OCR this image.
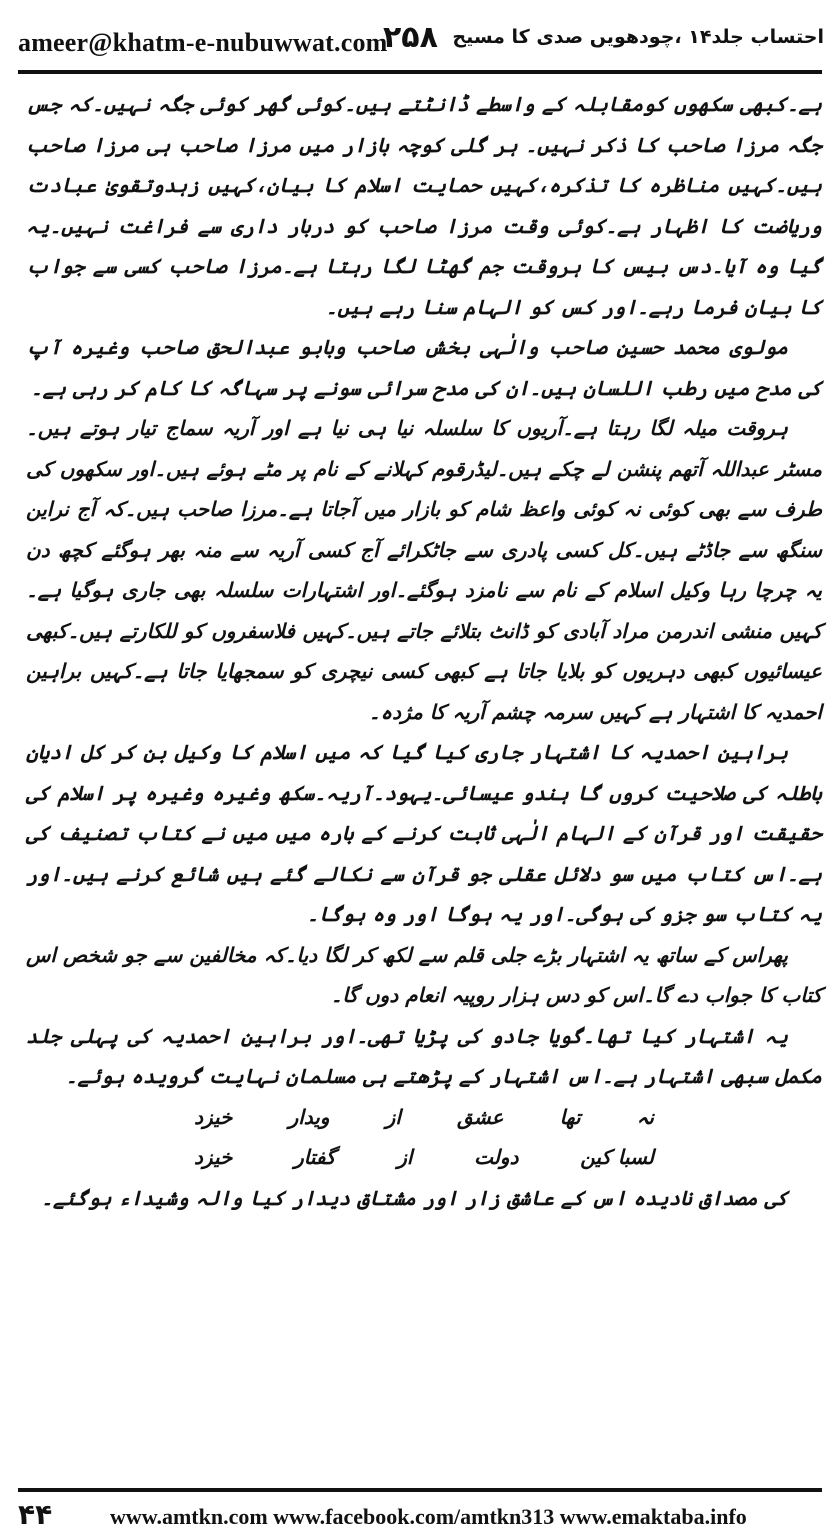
ameer@khatm-e-nubuwwat.com
۲۵۸ احتساب جلد۱۴ ،چودھویں صدی کا مسیح

ہے۔کبھی سکھوں کومقابلہ کے واسطے ڈانٹتے ہیں۔کوئی گھر کوئی جگہ نہیں۔کہ جس جگہ مرزا صاحب کا ذکر نہیں۔ ہر گلی کوچہ بازار میں مرزا صاحب ہی مرزا صاحب ہیں۔کہیں مناظرہ کا تذکرہ،کہیں حمایت اسلام کا بیان،کہیں زہدوتقویٰ عبادت وریاضت کا اظہار ہے۔کوئی وقت مرزا صاحب کو دربار داری سے فراغت نہیں۔یہ گیا وہ آیا۔دس بیس کا ہروقت جم گھٹا لگا رہتا ہے۔مرزا صاحب کسی سے جواب کا بیان فرما رہے۔اور کس کو الہام سنا رہے ہیں۔

مولوی محمد حسین صاحب والٰہی بخش صاحب وبابو عبدالحق صاحب وغیرہ آپ کی مدح میں رطب اللسان ہیں۔ان کی مدح سرائی سونے پر سہاگہ کا کام کر رہی ہے۔

ہروقت میلہ لگا رہتا ہے۔آریوں کا سلسلہ نیا ہی نیا ہے اور آریہ سماج تیار ہوتے ہیں۔ مسٹر عبداللہ آتھم پنشن لے چکے ہیں۔لیڈرقوم کہلانے کے نام پر مٹے ہوئے ہیں۔اور سکھوں کی طرف سے بھی کوئی نہ کوئی واعظ شام کو بازار میں آجاتا ہے۔مرزا صاحب ہیں۔کہ آج نراین سنگھ سے جاڈٹے ہیں۔کل کسی پادری سے جاٹکرائے آج کسی آریہ سے منہ بھر ہوگئے کچھ دن یہ چرچا رہا وکیل اسلام کے نام سے نامزد ہوگئے۔اور اشتہارات سلسلہ بھی جاری ہوگیا ہے۔کہیں منشی اندرمن مراد آبادی کو ڈانٹ بتلائے جاتے ہیں۔کہیں فلاسفروں کو للکارتے ہیں۔کبھی عیسائیوں کبھی دہریوں کو بلایا جاتا ہے کبھی کسی نیچری کو سمجھایا جاتا ہے۔کہیں براہین احمدیہ کا اشتہار ہے کہیں سرمہ چشم آریہ کا مژدہ۔

براہین احمدیہ کا اشتہار جاری کیا گیا کہ میں اسلام کا وکیل بن کر کل ادیان باطلہ کی صلاحیت کروں گا ہندو عیسائی۔یہود۔آریہ۔سکھ وغیرہ وغیرہ پر اسلام کی حقیقت اور قرآن کے الہام الٰہی ثابت کرنے کے بارہ میں میں نے کتاب تصنیف کی ہے۔اس کتاب میں سو دلائل عقلی جو قرآن سے نکالے گئے ہیں شائع کرنے ہیں۔اور یہ کتاب سو جزو کی ہوگی۔اور یہ ہوگا اور وہ ہوگا۔

پھراس کے ساتھ یہ اشتہار بڑے جلی قلم سے لکھ کر لگا دیا۔کہ مخالفین سے جو شخص اس کتاب کا جواب دے گا۔اس کو دس ہزار روپیہ انعام دوں گا۔

یہ اشتہار کیا تھا۔گویا جادو کی پڑیا تھی۔اور براہین احمدیہ کی پہلی جلد مکمل سبھی اشتہار ہے۔اس اشتہار کے پڑھتے ہی مسلمان نہایت گرویدہ ہوئے۔

نہ
تھا
عشق
از
ویدار
خیزد
لسبا کین
دولت
از
گفتار
خیزد

کی مصداق نادیدہ اس کے عاشق زار اور مشتاق دیدار کیا والہ وشیداء ہوگئے۔

۴۴	www.amtkn.com www.facebook.com/amtkn313 www.emaktaba.info
